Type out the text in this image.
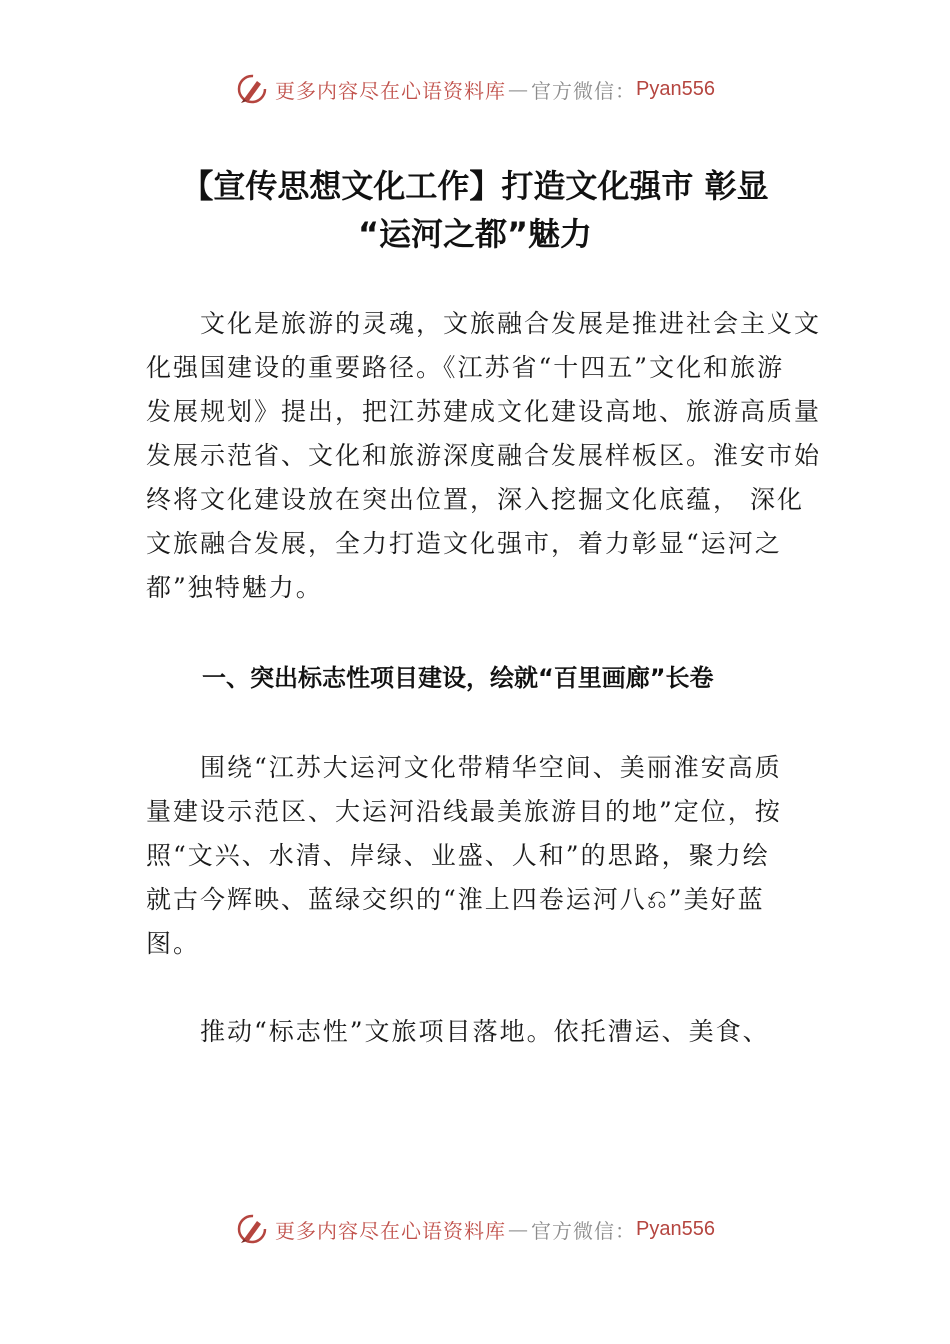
更多内容尽在心语资料库 — 官方微信： Pyan556
【宣传思想文化工作】打造文化强市 彰显
“运河之都”魅力
　　文化是旅游的灵魂，文旅融合发展是推进社会主义文
化强国建设的重要路径。《江苏省“十四五”文化和旅游
发展规划》提出，把江苏建成文化建设高地、旅游高质量
发展示范省、文化和旅游深度融合发展样板区。淮安市始
终将文化建设放在突出位置，深入挖掘文化底蕴， 深化
文旅融合发展，全力打造文化强市，着力彰显“运河之
都”独特魅力。
一、突出标志性项目建设，绘就“百里画廊”长卷
　　围绕“江苏大运河文化带精华空间、美丽淮安高质
量建设示范区、大运河沿线最美旅游目的地”定位，按
照“文兴、水清、岸绿、业盛、人和”的思路，聚力绘
就古今辉映、蓝绿交织的“淮上四卷运河八⎌”美好蓝
图。
　　推动“标志性”文旅项目落地。依托漕运、美食、
更多内容尽在心语资料库 — 官方微信： Pyan556
